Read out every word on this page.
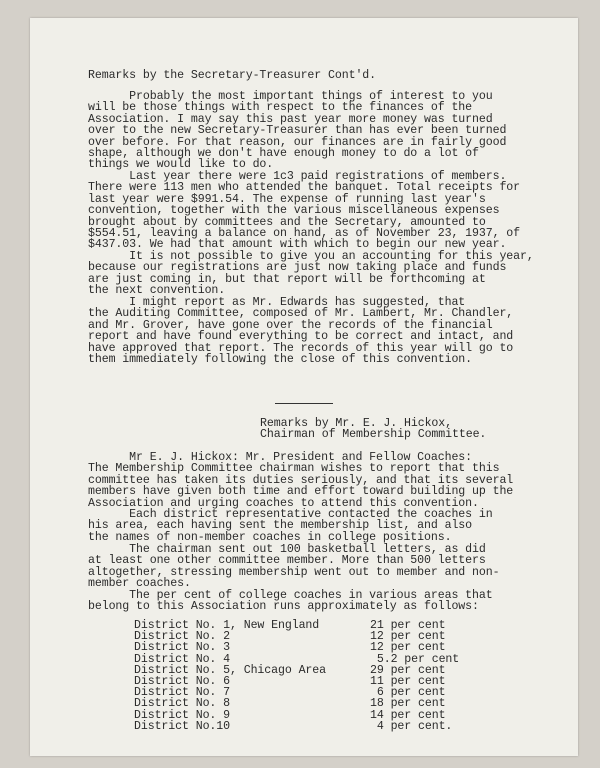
Remarks by the Secretary-Treasurer Cont'd.
Probably the most important things of interest to you
will be those things with respect to the finances of the
Association. I may say this past year more money was turned
over to the new Secretary-Treasurer than has ever been turned
over before. For that reason, our finances are in fairly good
shape, although we don't have enough money to do a lot of
things we would like to do.
Last year there were 1c3 paid registrations of members.
There were 113 men who attended the banquet. Total receipts for
last year were $991.54. The expense of running last year's
convention, together with the various miscellaneous expenses
brought about by committees and the Secretary, amounted to
$554.51, leaving a balance on hand, as of November 23, 1937, of
$437.03. We had that amount with which to begin our new year.
It is not possible to give you an accounting for this year,
because our registrations are just now taking place and funds
are just coming in, but that report will be forthcoming at
the next convention.
I might report as Mr. Edwards has suggested, that
the Auditing Committee, composed of Mr. Lambert, Mr. Chandler,
and Mr. Grover, have gone over the records of the financial
report and have found everything to be correct and intact, and
have approved that report. The records of this year will go to
them immediately following the close of this convention.
Remarks by Mr. E. J. Hickox,
Chairman of Membership Committee.
Mr E. J. Hickox: Mr. President and Fellow Coaches:
The Membership Committee chairman wishes to report that this
committee has taken its duties seriously, and that its several
members have given both time and effort toward building up the
Association and urging coaches to attend this convention.
Each district representative contacted the coaches in
his area, each having sent the membership list, and also
the names of non-member coaches in college positions.
The chairman sent out 100 basketball letters, as did
at least one other committee member. More than 500 letters
altogether, stressing membership went out to member and non-
member coaches.
The per cent of college coaches in various areas that
belong to this Association runs approximately as follows:
District No. 1, New England	21 per cent
District No. 2	12 per cent
District No. 3	12 per cent
District No. 4	5.2 per cent
District No. 5, Chicago Area	29 per cent
District No. 6	11 per cent
District No. 7	6 per cent
District No. 8	18 per cent
District No. 9	14 per cent
District No.10	4 per cent.
